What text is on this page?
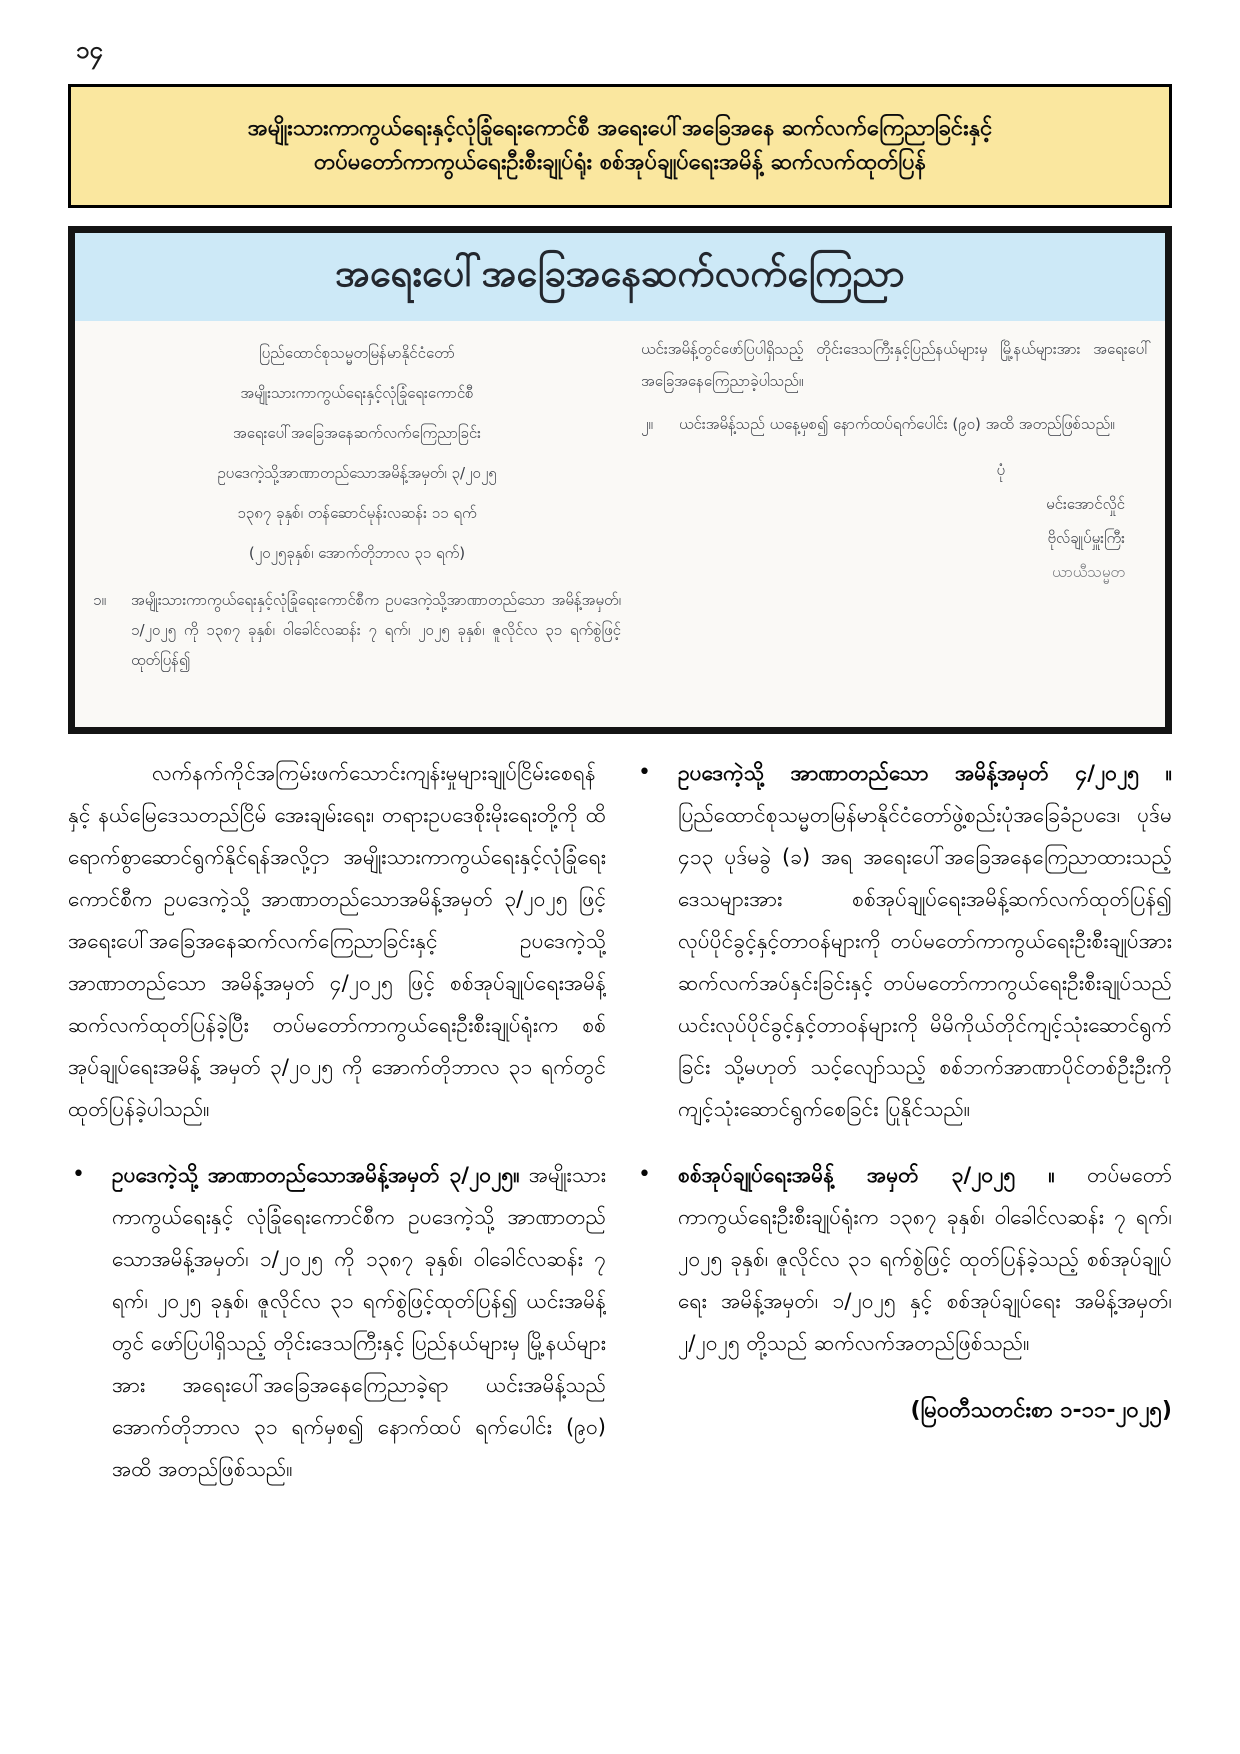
၁၄
အမျိုးသားကာကွယ်ရေးနှင့်လုံခြုံရေးကောင်စီ အရေးပေါ်အခြေအနေ ဆက်လက်ကြေညာခြင်းနှင့်
တပ်မတော်ကာကွယ်ရေးဦးစီးချုပ်ရုံး စစ်အုပ်ချုပ်ရေးအမိန့် ဆက်လက်ထုတ်ပြန်
အရေးပေါ်အခြေအနေဆက်လက်ကြေညာ
ပြည်ထောင်စုသမ္မတမြန်မာနိုင်ငံတော်
အမျိုးသားကာကွယ်ရေးနှင့်လုံခြုံရေးကောင်စီ
အရေးပေါ်အခြေအနေဆက်လက်ကြေညာခြင်း
ဥပဒေကဲ့သို့အာဏာတည်သောအမိန့်အမှတ်၊ ၃/၂၀၂၅
၁၃၈၇ ခုနှစ်၊ တန်ဆောင်မုန်းလဆန်း ၁၁ ရက်
(၂၀၂၅ခုနှစ်၊ အောက်တိုဘာလ ၃၁ ရက်)
၁။	အမျိုးသားကာကွယ်ရေးနှင့်လုံခြုံရေးကောင်စီက ဥပဒေကဲ့သို့အာဏာတည်သော အမိန့်အမှတ်၊ ၁/၂၀၂၅ ကို ၁၃၈၇ ခုနှစ်၊ ဝါခေါင်လဆန်း ၇ ရက်၊ ၂၀၂၅ ခုနှစ်၊ ဇူလိုင်လ ၃၁ ရက်စွဲဖြင့် ထုတ်ပြန်၍
ယင်းအမိန့်တွင်ဖော်ပြပါရှိသည့် တိုင်းဒေသကြီးနှင့်ပြည်နယ်များမှ မြို့နယ်များအား အရေးပေါ်အခြေအနေကြေညာခဲ့ပါသည်။
၂။	ယင်းအမိန့်သည် ယနေ့မှစ၍ နောက်ထပ်ရက်ပေါင်း (၉၀) အထိ အတည်ဖြစ်သည်။
ပုံ
မင်းအောင်လှိုင်
ဗိုလ်ချုပ်မှူးကြီး
ယာယီသမ္မတ
လက်နက်ကိုင်အကြမ်းဖက်သောင်းကျန်းမှုများချုပ်ငြိမ်းစေရန်နှင့် နယ်မြေဒေသတည်ငြိမ် အေးချမ်းရေး၊ တရားဥပဒေစိုးမိုးရေးတို့ကို ထိရောက်စွာဆောင်ရွက်နိုင်ရန်အလို့ငှာ အမျိုးသားကာကွယ်ရေးနှင့်လုံခြုံရေးကောင်စီက ဥပဒေကဲ့သို့ အာဏာတည်သောအမိန့်အမှတ် ၃/၂၀၂၅ ဖြင့် အရေးပေါ်အခြေအနေဆက်လက်ကြေညာခြင်းနှင့် ဥပဒေကဲ့သို့ အာဏာတည်သော အမိန့်အမှတ် ၄/၂၀၂၅ ဖြင့် စစ်အုပ်ချုပ်ရေးအမိန့် ဆက်လက်ထုတ်ပြန်ခဲ့ပြီး တပ်မတော်ကာကွယ်ရေးဦးစီးချုပ်ရုံးက စစ်အုပ်ချုပ်ရေးအမိန့် အမှတ် ၃/၂၀၂၅ ကို အောက်တိုဘာလ ၃၁ ရက်တွင် ထုတ်ပြန်ခဲ့ပါသည်။
•	ဥပဒေကဲ့သို့ အာဏာတည်သောအမိန့်အမှတ် ၃/၂၀၂၅။ အမျိုးသားကာကွယ်ရေးနှင့် လုံခြုံရေးကောင်စီက ဥပဒေကဲ့သို့ အာဏာတည်သောအမိန့်အမှတ်၊ ၁/၂၀၂၅ ကို ၁၃၈၇ ခုနှစ်၊ ဝါခေါင်လဆန်း ၇ ရက်၊ ၂၀၂၅ ခုနှစ်၊ ဇူလိုင်လ ၃၁ ရက်စွဲဖြင့်ထုတ်ပြန်၍ ယင်းအမိန့်တွင် ဖော်ပြပါရှိသည့် တိုင်းဒေသကြီးနှင့် ပြည်နယ်များမှ မြို့နယ်များအား အရေးပေါ်အခြေအနေကြေညာခဲ့ရာ ယင်းအမိန့်သည် အောက်တိုဘာလ ၃၁ ရက်မှစ၍ နောက်ထပ် ရက်ပေါင်း (၉၀) အထိ အတည်ဖြစ်သည်။
•	ဥပဒေကဲ့သို့ အာဏာတည်သော အမိန့်အမှတ် ၄/၂၀၂၅ ။ ပြည်ထောင်စုသမ္မတမြန်မာနိုင်ငံတော်ဖွဲ့စည်းပုံအခြေခံဥပဒေ၊ ပုဒ်မ ၄၁၃ ပုဒ်မခွဲ (ခ) အရ အရေးပေါ်အခြေအနေကြေညာထားသည့် ဒေသများအား စစ်အုပ်ချုပ်ရေးအမိန့်ဆက်လက်ထုတ်ပြန်၍ လုပ်ပိုင်ခွင့်နှင့်တာဝန်များကို တပ်မတော်ကာကွယ်ရေးဦးစီးချုပ်အား ဆက်လက်အပ်နှင်းခြင်းနှင့် တပ်မတော်ကာကွယ်ရေးဦးစီးချုပ်သည် ယင်းလုပ်ပိုင်ခွင့်နှင့်တာဝန်များကို မိမိကိုယ်တိုင်ကျင့်သုံးဆောင်ရွက်ခြင်း သို့မဟုတ် သင့်လျော်သည့် စစ်ဘက်အာဏာပိုင်တစ်ဦးဦးကို ကျင့်သုံးဆောင်ရွက်စေခြင်း ပြုနိုင်သည်။
•	စစ်အုပ်ချုပ်ရေးအမိန့် အမှတ် ၃/၂၀၂၅ ။ တပ်မတော်ကာကွယ်ရေးဦးစီးချုပ်ရုံးက ၁၃၈၇ ခုနှစ်၊ ဝါခေါင်လဆန်း ၇ ရက်၊ ၂၀၂၅ ခုနှစ်၊ ဇူလိုင်လ ၃၁ ရက်စွဲဖြင့် ထုတ်ပြန်ခဲ့သည့် စစ်အုပ်ချုပ်ရေး အမိန့်အမှတ်၊ ၁/၂၀၂၅ နှင့် စစ်အုပ်ချုပ်ရေး အမိန့်အမှတ်၊ ၂/၂၀၂၅ တို့သည် ဆက်လက်အတည်ဖြစ်သည်။
(မြဝတီသတင်းစာ ၁-၁၁-၂၀၂၅)
